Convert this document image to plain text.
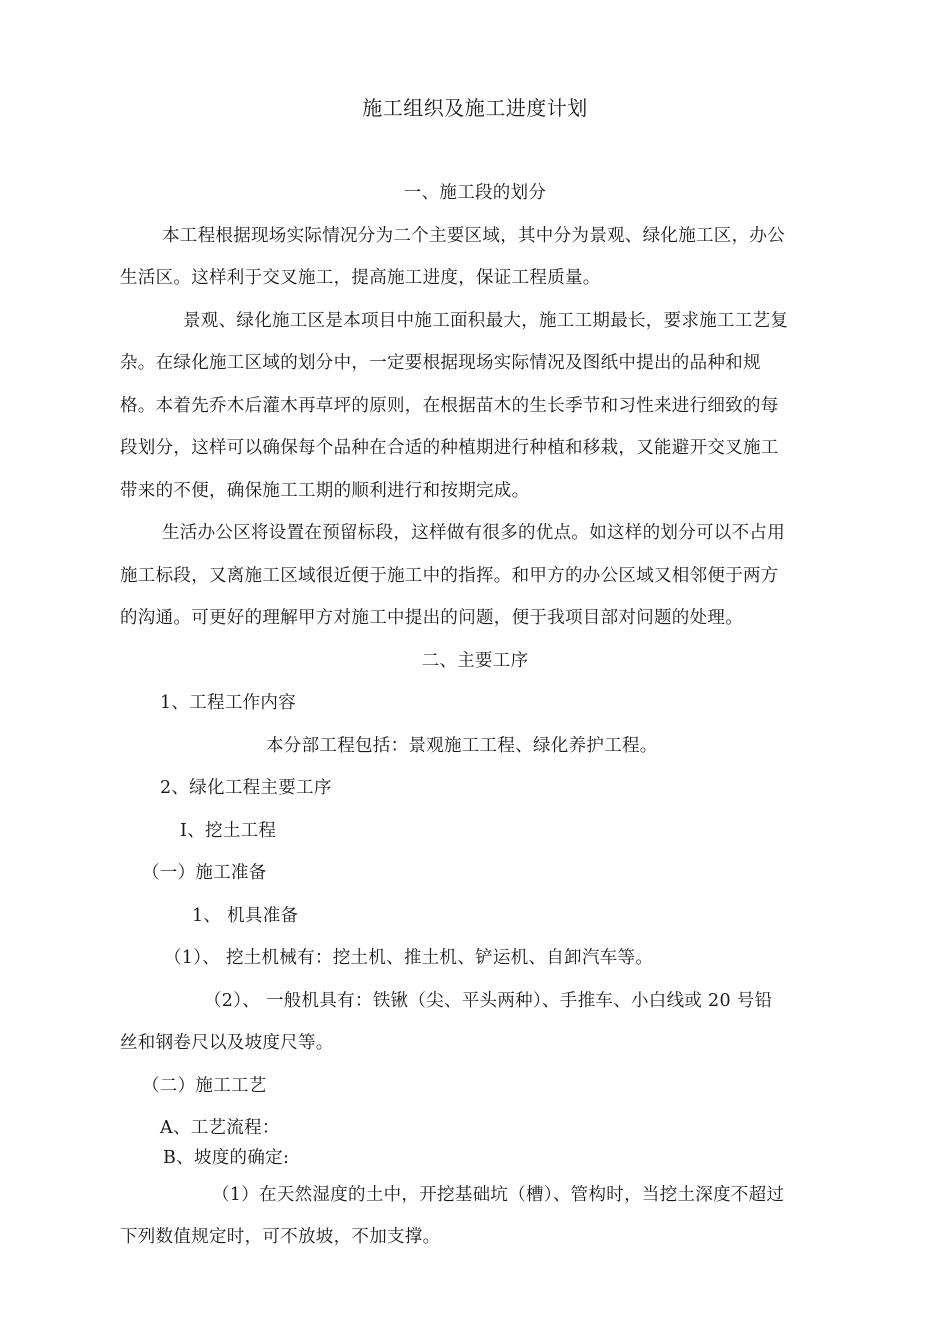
施工组织及施工进度计划
一、施工段的划分
本工程根据现场实际情况分为二个主要区域，其中分为景观、绿化施工区，办公
生活区。这样利于交叉施工，提高施工进度，保证工程质量。
景观、绿化施工区是本项目中施工面积最大，施工工期最长，要求施工工艺复
杂。在绿化施工区域的划分中，一定要根据现场实际情况及图纸中提出的品种和规
格。本着先乔木后灌木再草坪的原则，在根据苗木的生长季节和习性来进行细致的每
段划分，这样可以确保每个品种在合适的种植期进行种植和移栽，又能避开交叉施工
带来的不便，确保施工工期的顺利进行和按期完成。
生活办公区将设置在预留标段，这样做有很多的优点。如这样的划分可以不占用
施工标段，又离施工区域很近便于施工中的指挥。和甲方的办公区域又相邻便于两方
的沟通。可更好的理解甲方对施工中提出的问题，便于我项目部对问题的处理。
二、主要工序
1、工程工作内容
本分部工程包括：景观施工工程、绿化养护工程。
2、绿化工程主要工序
I、挖土工程
（一）施工准备
1、 机具准备
（1）、 挖土机械有：挖土机、推土机、铲运机、自卸汽车等。
（2）、 一般机具有：铁锹（尖、平头两种）、手推车、小白线或 20 号铅
丝和钢卷尺以及坡度尺等。
（二）施工工艺
A、工艺流程：
B、坡度的确定:
（1）在天然湿度的土中，开挖基础坑（槽）、管构时，当挖土深度不超过
下列数值规定时，可不放坡，不加支撑。
